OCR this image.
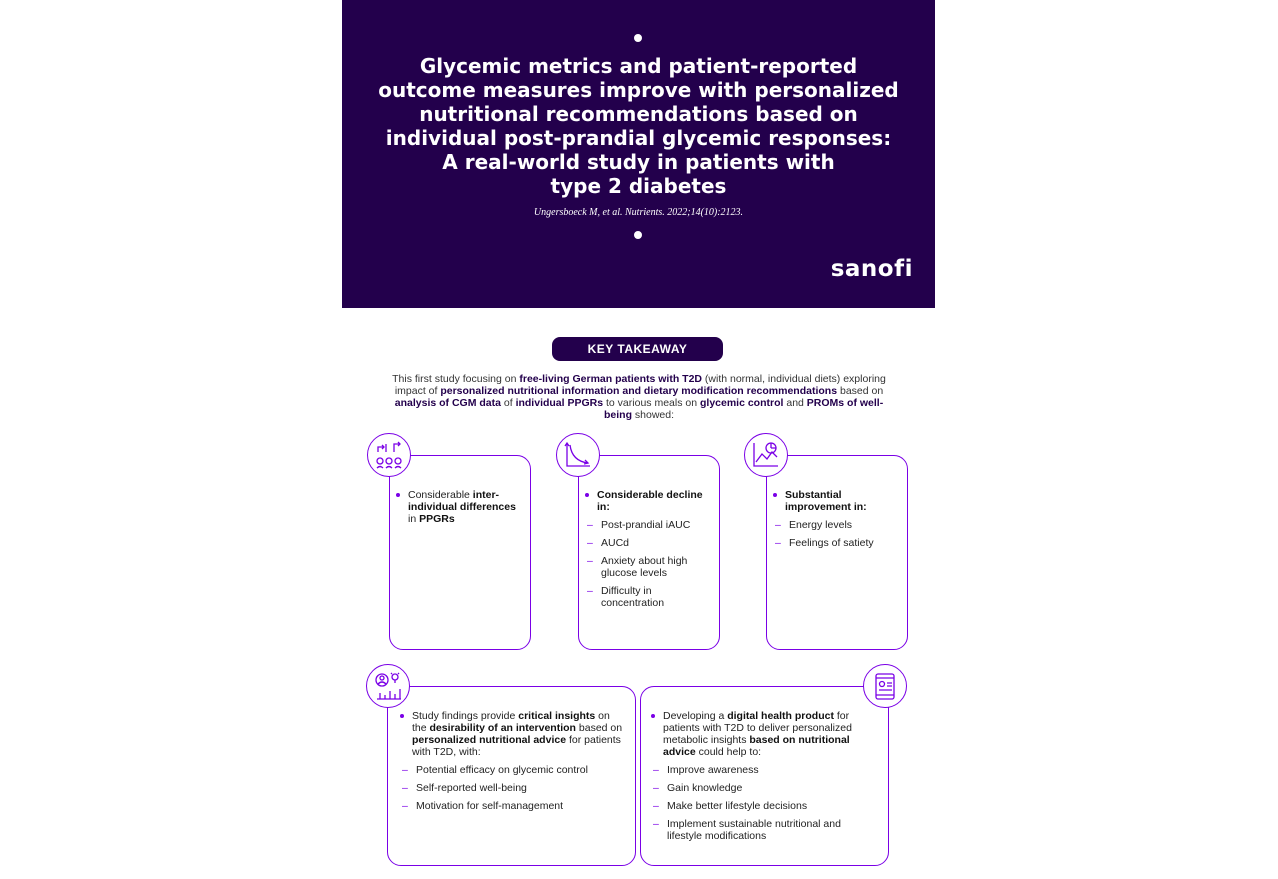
Glycemic metrics and patient-reported
outcome measures improve with personalized
nutritional recommendations based on
individual post-prandial glycemic responses:
A real-world study in patients with
type 2 diabetes
Ungersboeck M, et al. Nutrients. 2022;14(10):2123.
sanofi
KEY TAKEAWAY
This first study focusing on free-living German patients with T2D (with normal, individual diets) exploring impact of personalized nutritional information and dietary modification recommendations based on analysis of CGM data of individual PPGRs to various meals on glycemic control and PROMs of well-being showed:
Considerable inter-individual differences in PPGRs
Considerable decline in:
– Post-prandial iAUC
– AUCd
– Anxiety about high glucose levels
– Difficulty in concentration
Substantial improvement in:
– Energy levels
– Feelings of satiety
Study findings provide critical insights on the desirability of an intervention based on personalized nutritional advice for patients with T2D, with:
– Potential efficacy on glycemic control
– Self-reported well-being
– Motivation for self-management
Developing a digital health product for patients with T2D to deliver personalized metabolic insights based on nutritional advice could help to:
– Improve awareness
– Gain knowledge
– Make better lifestyle decisions
– Implement sustainable nutritional and lifestyle modifications
